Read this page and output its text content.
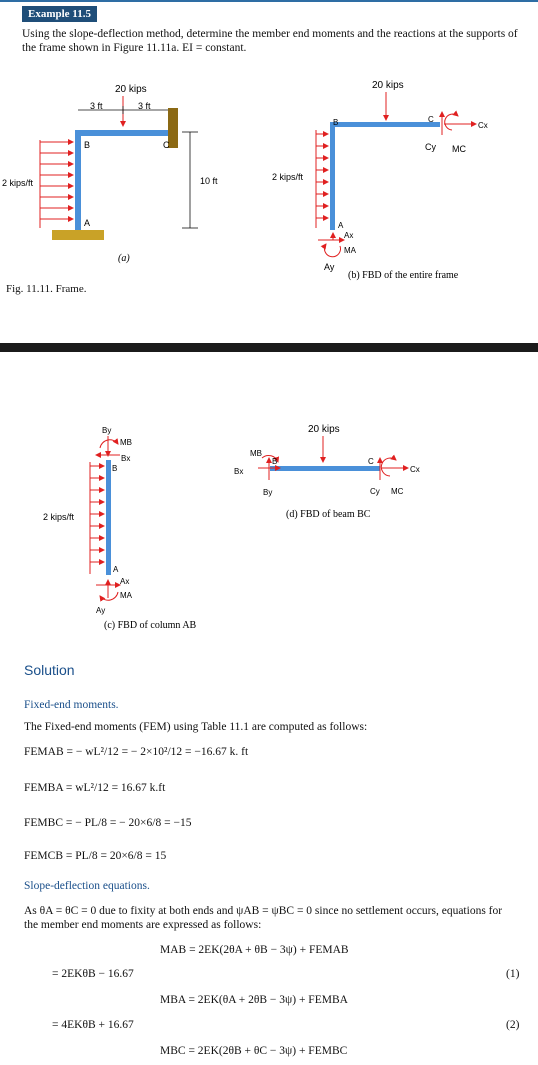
Example 11.5
Using the slope-deflection method, determine the member end moments and the reactions at the supports of the frame shown in Figure 11.11a. EI = constant.
20 kips
3 ft	3 ft
B	C
A
10 ft
2 kips/ft
(a)
20 kips
B	C
Cx
Cy MC
2 kips/ft
A
Ax
MA
Ay
(b) FBD of the entire frame
Fig. 11.11. Frame.
By
MB
Bx
B
2 kips/ft
A
Ax
MA
Ay
(c) FBD of column AB
20 kips
MB
Bx
B
By
C
Cx
Cy MC
(d) FBD of beam BC
Solution
Fixed-end moments.
The Fixed-end moments (FEM) using Table 11.1 are computed as follows:
FEMAB = − wL²/12 = − 2×10²/12 = −16.67 k. ft
FEMBA = wL²/12 = 16.67 k.ft
FEMBC = − PL/8 = − 20×6/8 = −15
FEMCB = PL/8 = 20×6/8 = 15
Slope-deflection equations.
As θA = θC = 0 due to fixity at both ends and ψAB = ψBC = 0 since no settlement occurs, equations for the member end moments are expressed as follows:
MAB = 2EK(2θA + θB − 3ψ) + FEMAB
= 2EKθB − 16.67	(1)
MBA = 2EK(θA + 2θB − 3ψ) + FEMBA
= 4EKθB + 16.67	(2)
MBC = 2EK(2θB + θC − 3ψ) + FEMBC
